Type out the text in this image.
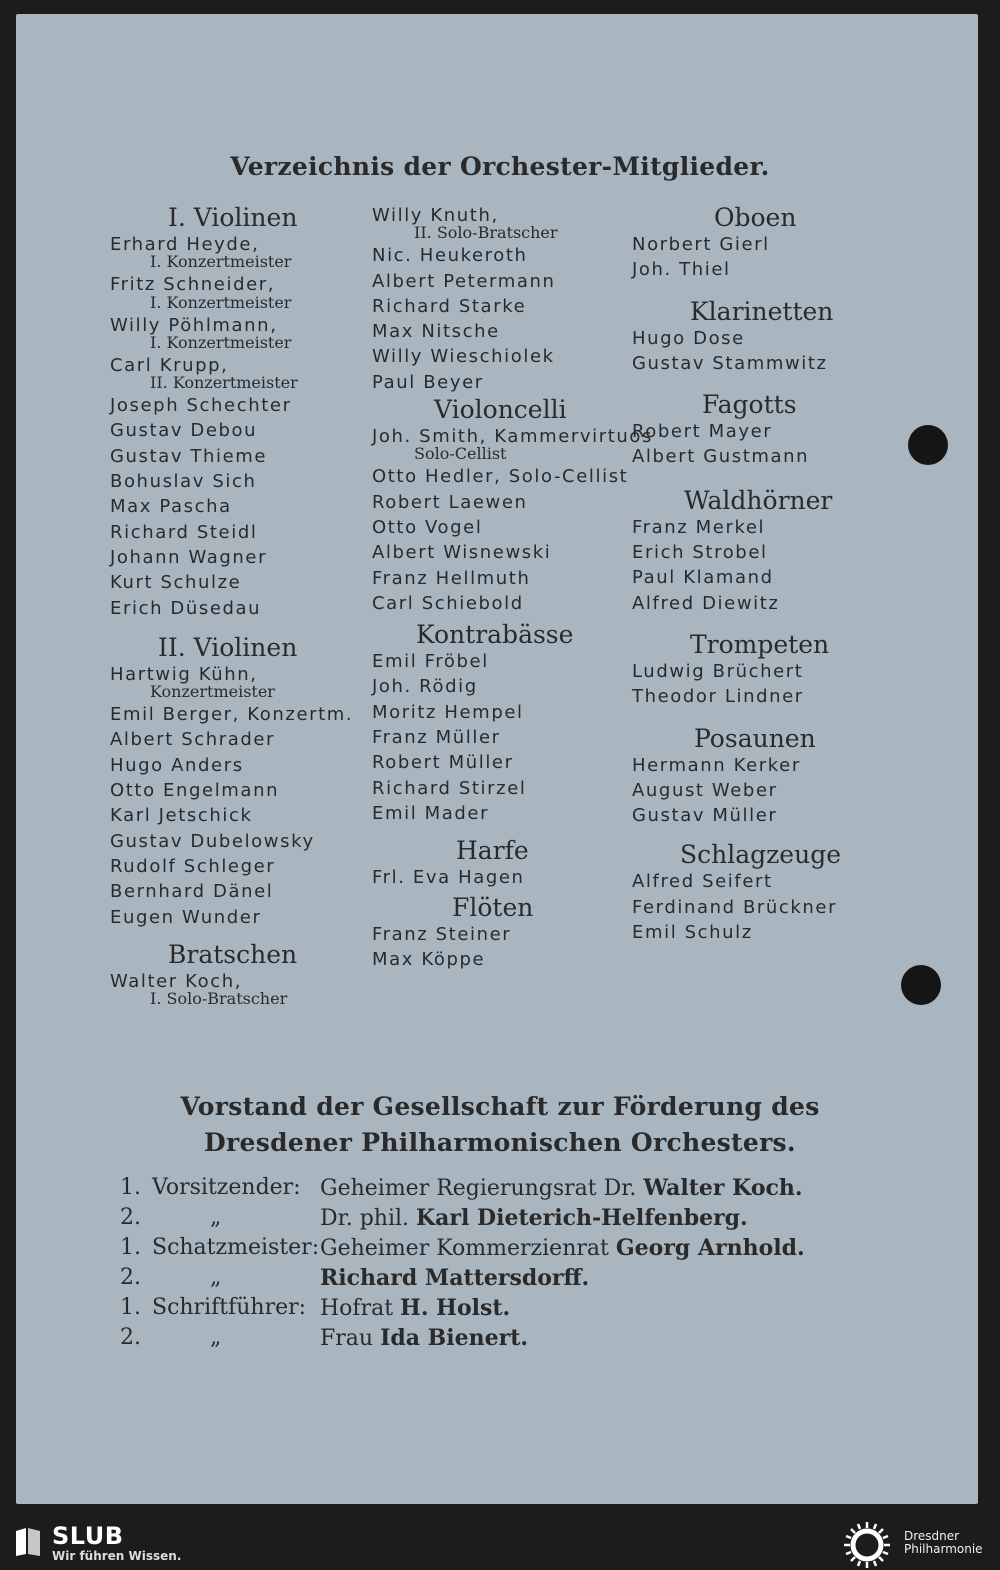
Verzeichnis der Orchester-Mitglieder.
I. Violinen
Erhard Heyde,
I. Konzertmeister
Fritz Schneider,
I. Konzertmeister
Willy Pöhlmann,
I. Konzertmeister
Carl Krupp,
II. Konzertmeister
Joseph Schechter
Gustav Debou
Gustav Thieme
Bohuslav Sich
Max Pascha
Richard Steidl
Johann Wagner
Kurt Schulze
Erich Düsedau
II. Violinen
Hartwig Kühn,
Konzertmeister
Emil Berger, Konzertm.
Albert Schrader
Hugo Anders
Otto Engelmann
Karl Jetschick
Gustav Dubelowsky
Rudolf Schleger
Bernhard Dänel
Eugen Wunder
Bratschen
Walter Koch,
I. Solo-Bratscher
Willy Knuth,
II. Solo-Bratscher
Nic. Heukeroth
Albert Petermann
Richard Starke
Max Nitsche
Willy Wieschiolek
Paul Beyer
Violoncelli
Joh. Smith, Kammervirtuos
Solo-Cellist
Otto Hedler, Solo-Cellist
Robert Laewen
Otto Vogel
Albert Wisnewski
Franz Hellmuth
Carl Schiebold
Kontrabässe
Emil Fröbel
Joh. Rödig
Moritz Hempel
Franz Müller
Robert Müller
Richard Stirzel
Emil Mader
Harfe
Frl. Eva Hagen
Flöten
Franz Steiner
Max Köppe
Oboen
Norbert Gierl
Joh. Thiel
Klarinetten
Hugo Dose
Gustav Stammwitz
Fagotts
Robert Mayer
Albert Gustmann
Waldhörner
Franz Merkel
Erich Strobel
Paul Klamand
Alfred Diewitz
Trompeten
Ludwig Brüchert
Theodor Lindner
Posaunen
Hermann Kerker
August Weber
Gustav Müller
Schlagzeuge
Alfred Seifert
Ferdinand Brückner
Emil Schulz
Vorstand der Gesellschaft zur Förderung des
Dresdener Philharmonischen Orchesters.
1. Vorsitzender: Geheimer Regierungsrat Dr. Walter Koch.
2.	„	Dr. phil. Karl Dieterich-Helfenberg.
1. Schatzmeister: Geheimer Kommerzienrat Georg Arnhold.
2.	„	Richard Mattersdorff.
1. Schriftführer: Hofrat H. Holst.
2.	„	Frau Ida Bienert.
SLUB
Wir führen Wissen.
Dresdner
Philharmonie
